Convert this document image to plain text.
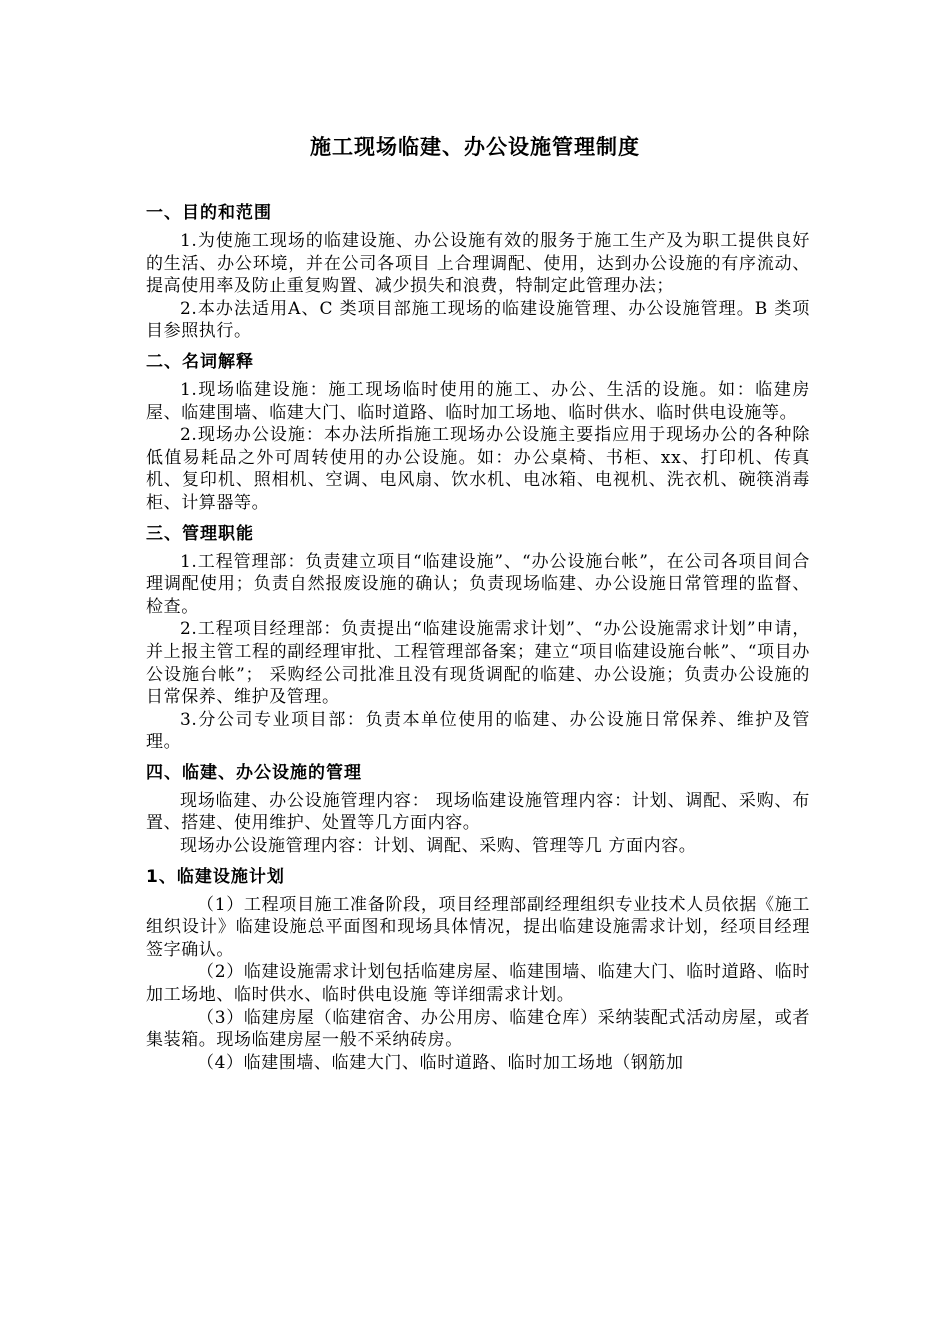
施工现场临建、办公设施管理制度
一、目的和范围
1.为使施工现场的临建设施、办公设施有效的服务于施工生产及为职工提供良好的生活、办公环境，并在公司各项目 上合理调配、使用，达到办公设施的有序流动、提高使用率及防止重复购置、减少损失和浪费，特制定此管理办法；
2.本办法适用A、C 类项目部施工现场的临建设施管理、办公设施管理。B 类项目参照执行。
二、名词解释
1.现场临建设施：施工现场临时使用的施工、办公、生活的设施。如：临建房屋、临建围墙、临建大门、临时道路、临时加工场地、临时供水、临时供电设施等。
2.现场办公设施：本办法所指施工现场办公设施主要指应用于现场办公的各种除低值易耗品之外可周转使用的办公设施。如：办公桌椅、书柜、xx、打印机、传真机、复印机、照相机、空调、电风扇、饮水机、电冰箱、电视机、洗衣机、碗筷消毒柜、计算器等。
三、管理职能
1.工程管理部：负责建立项目“临建设施”、“办公设施台帐”，在公司各项目间合理调配使用；负责自然报废设施的确认；负责现场临建、办公设施日常管理的监督、检查。
2.工程项目经理部：负责提出“临建设施需求计划”、“办公设施需求计划”申请，并上报主管工程的副经理审批、工程管理部备案；建立“项目临建设施台帐”、“项目办公设施台帐”； 采购经公司批准且没有现货调配的临建、办公设施；负责办公设施的日常保养、维护及管理。
3.分公司专业项目部：负责本单位使用的临建、办公设施日常保养、维护及管理。
四、临建、办公设施的管理
现场临建、办公设施管理内容： 现场临建设施管理内容：计划、调配、采购、布置、搭建、使用维护、处置等几方面内容。
现场办公设施管理内容：计划、调配、采购、管理等几 方面内容。
1、临建设施计划
（1）工程项目施工准备阶段，项目经理部副经理组织专业技术人员依据《施工组织设计》临建设施总平面图和现场具体情况，提出临建设施需求计划，经项目经理签字确认。
（2）临建设施需求计划包括临建房屋、临建围墙、临建大门、临时道路、临时加工场地、临时供水、临时供电设施 等详细需求计划。
（3）临建房屋（临建宿舍、办公用房、临建仓库）采纳装配式活动房屋，或者集装箱。现场临建房屋一般不采纳砖房。
（4）临建围墙、临建大门、临时道路、临时加工场地（钢筋加
